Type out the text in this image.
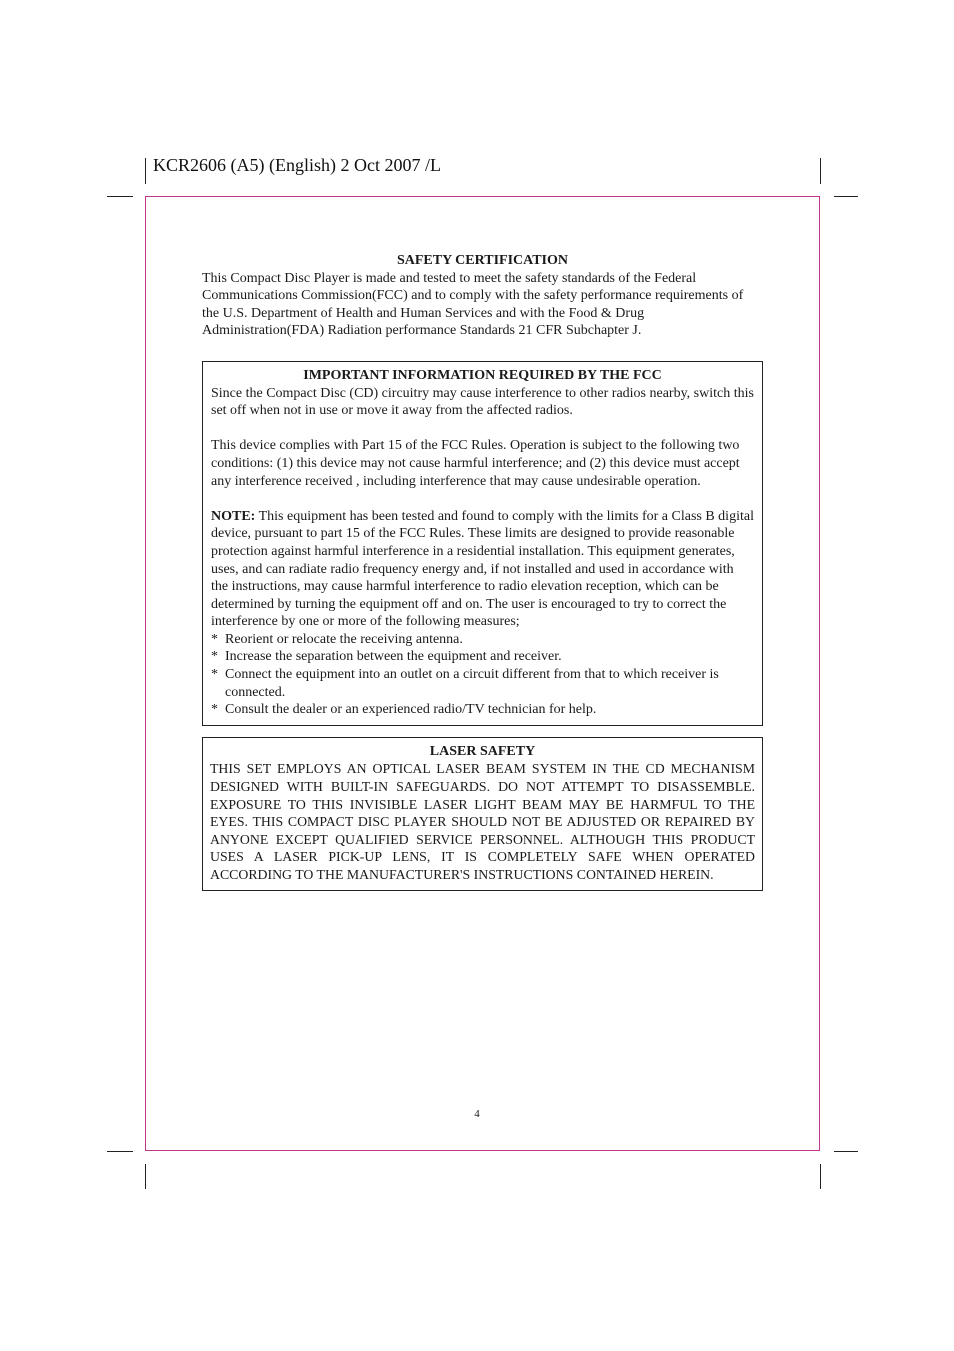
KCR2606 (A5) (English) 2 Oct 2007 /L

SAFETY CERTIFICATION

This Compact Disc Player is made and tested to meet the safety standards of the Federal Communications Commission(FCC) and to comply with the safety performance requirements of the U.S. Department of Health and Human Services and with the Food & Drug Administration(FDA) Radiation performance Standards 21 CFR Subchapter J.

IMPORTANT INFORMATION REQUIRED BY THE FCC

Since the Compact Disc (CD) circuitry may cause interference to other radios nearby, switch this set off when not in use or move it away from the affected radios.

This device complies with Part 15 of the FCC Rules. Operation is subject to the following two conditions: (1) this device may not cause harmful interference; and (2) this device must accept any interference received , including interference that may cause undesirable operation.

NOTE: This equipment has been tested and found to comply with the limits for a Class B digital device, pursuant to part 15 of the FCC Rules. These limits are designed to provide reasonable protection against harmful interference in a residential installation. This equipment generates, uses, and can radiate radio frequency energy and, if not installed and used in accordance with the instructions, may cause harmful interference to radio elevation reception, which can be determined by turning the equipment off and on. The user is encouraged to try to correct the interference by one or more of the following measures;

* Reorient or relocate the receiving antenna.
* Increase the separation between the equipment and receiver.
* Connect the equipment into an outlet on a circuit different from that to which receiver is connected.
* Consult the dealer or an experienced radio/TV technician for help.

LASER SAFETY

THIS SET EMPLOYS AN OPTICAL LASER BEAM SYSTEM IN THE CD MECHANISM DESIGNED WITH BUILT-IN SAFEGUARDS. DO NOT ATTEMPT TO DISASSEMBLE. EXPOSURE TO THIS INVISIBLE LASER LIGHT BEAM MAY BE HARMFUL TO THE EYES. THIS COMPACT DISC PLAYER SHOULD NOT BE ADJUSTED OR REPAIRED BY ANYONE EXCEPT QUALIFIED SERVICE PERSONNEL. ALTHOUGH THIS PRODUCT USES A LASER PICK-UP LENS, IT IS COMPLETELY SAFE WHEN OPERATED ACCORDING TO THE MANUFACTURER'S INSTRUCTIONS CONTAINED HEREIN.

4
